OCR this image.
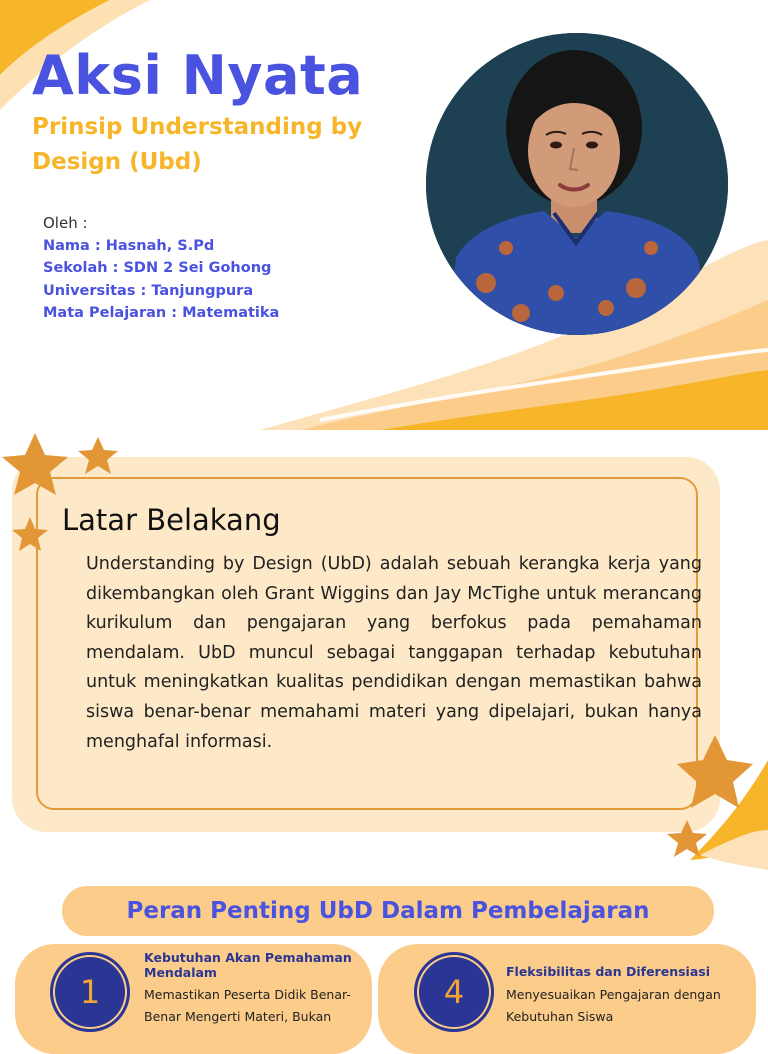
Aksi Nyata
Prinsip Understanding by Design (Ubd)
Oleh :
Nama : Hasnah, S.Pd
Sekolah : SDN 2 Sei Gohong
Universitas : Tanjungpura
Mata Pelajaran : Matematika
Latar Belakang

Understanding by Design (UbD) adalah sebuah kerangka kerja yang dikembangkan oleh Grant Wiggins dan Jay McTighe untuk merancang kurikulum dan pengajaran yang berfokus pada pemahaman mendalam. UbD muncul sebagai tanggapan terhadap kebutuhan untuk meningkatkan kualitas pendidikan dengan memastikan bahwa siswa benar-benar memahami materi yang dipelajari, bukan hanya menghafal informasi.

Peran Penting UbD Dalam Pembelajaran
1
Kebutuhan Akan Pemahaman Mendalam
Memastikan Peserta Didik Benar-Benar Mengerti Materi, Bukan
4
Fleksibilitas dan Diferensiasi
Menyesuaikan Pengajaran dengan Kebutuhan Siswa
